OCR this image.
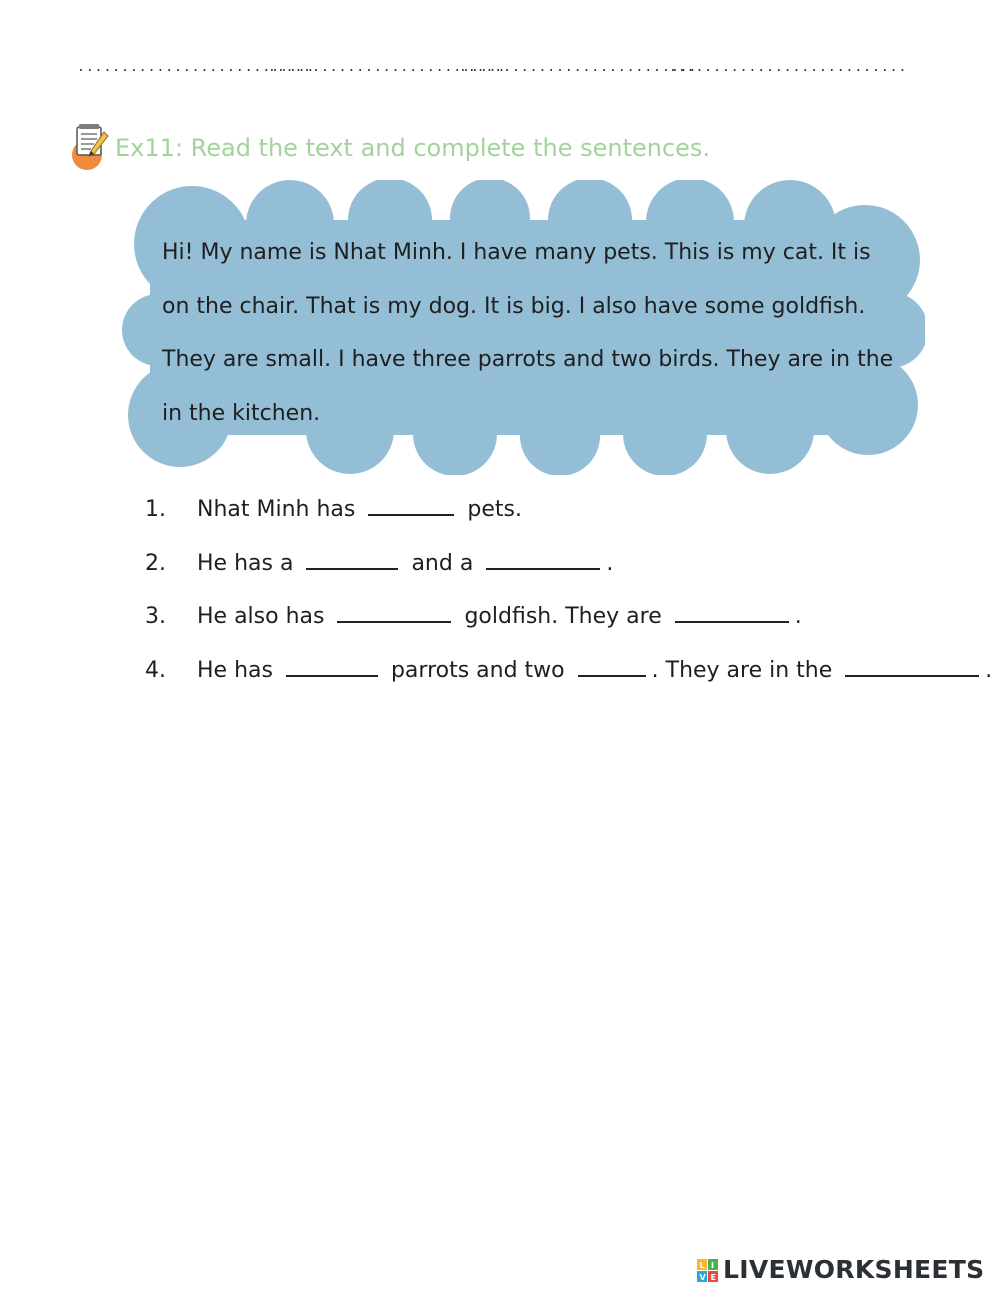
...........................
...........................
...........................
...........................
Ex11: Read the text and complete the sentences.
Hi! My name is Nhat Minh. I have many pets. This is my cat. It is
on the chair. That is my dog. It is big. I also have some goldfish.
They are small. I have three parrots and two birds. They are in the
in the kitchen.
1. Nhat Minh has	pets.
2. He has a	and a	.
3. He also has	goldfish. They are	.
4. He has	parrots and two	. They are in the	.
L I
V E LIVEWORKSHEETS
